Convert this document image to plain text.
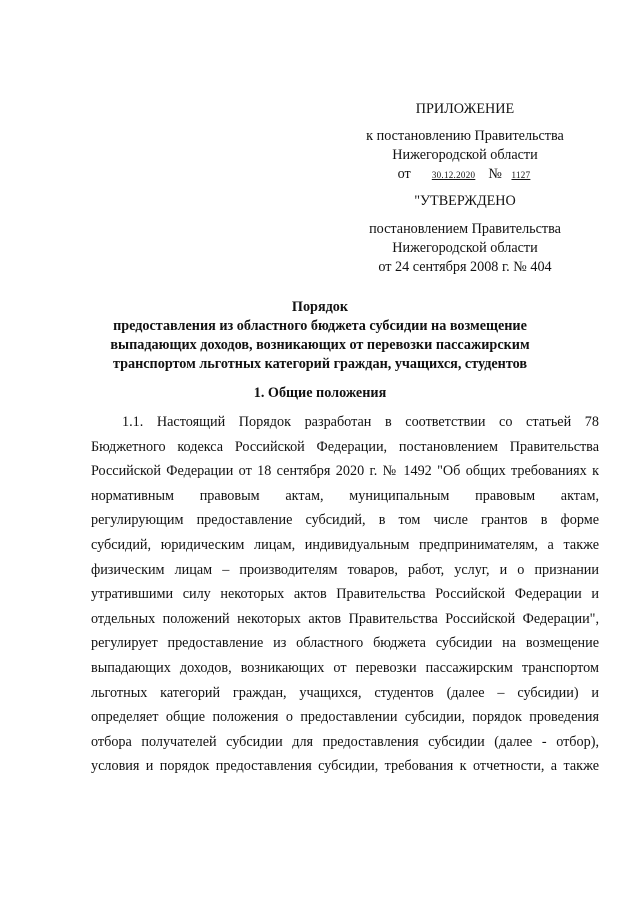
ПРИЛОЖЕНИЕ
к постановлению Правительства
Нижегородской области
от 30.12.2020 № 1127
"УТВЕРЖДЕНО
постановлением Правительства
Нижегородской области
от 24 сентября 2008 г. № 404
Порядок
предоставления из областного бюджета субсидии на возмещение
выпадающих доходов, возникающих от перевозки пассажирским
транспортом льготных категорий граждан, учащихся, студентов
1. Общие положения
1.1. Настоящий Порядок разработан в соответствии со статьей 78
Бюджетного кодекса Российской Федерации, постановлением Правительства
Российской Федерации от 18 сентября 2020 г. № 1492 "Об общих требованиях к
нормативным правовым актам, муниципальным правовым актам,
регулирующим предоставление субсидий, в том числе грантов в форме
субсидий, юридическим лицам, индивидуальным предпринимателям, а также
физическим лицам – производителям товаров, работ, услуг, и о признании
утратившими силу некоторых актов Правительства Российской Федерации и
отдельных положений некоторых актов Правительства Российской Федерации",
регулирует предоставление из областного бюджета субсидии на возмещение
выпадающих доходов, возникающих от перевозки пассажирским транспортом
льготных категорий граждан, учащихся, студентов (далее – субсидии) и
определяет общие положения о предоставлении субсидии, порядок проведения
отбора получателей субсидии для предоставления субсидии (далее - отбор),
условия и порядок предоставления субсидии, требования к отчетности, а также
